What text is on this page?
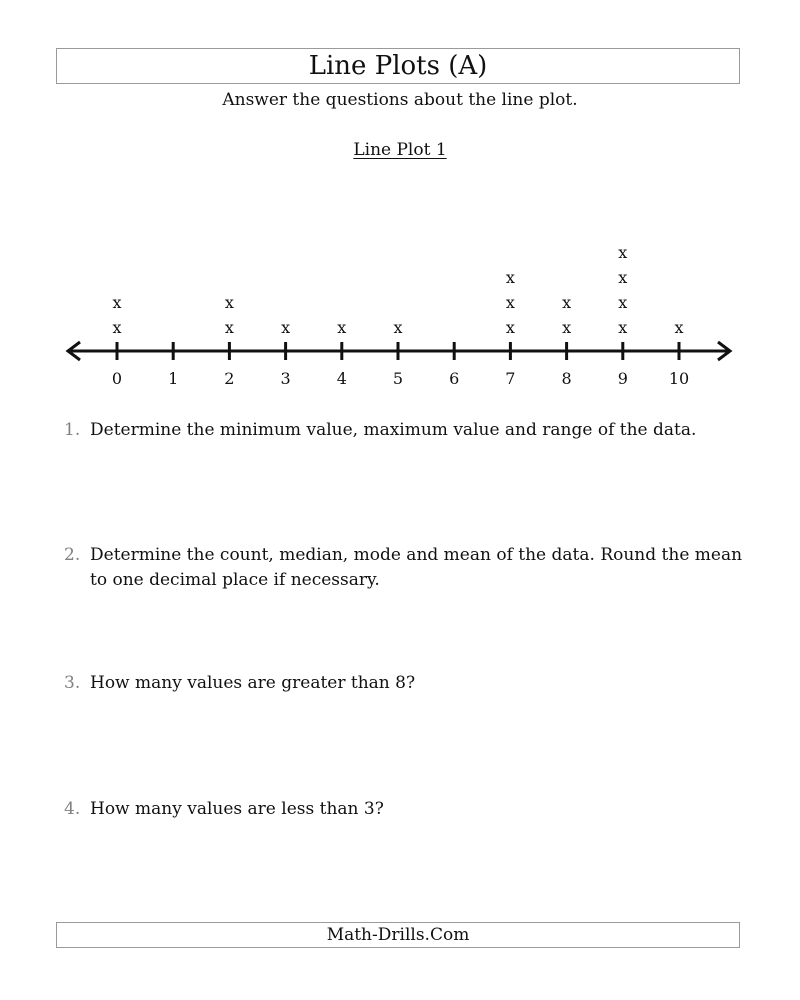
Line Plots (A)
Answer the questions about the line plot.
Line Plot 1
x
x
x
x
x	x	x	x
x
x
x
x
x
x
x
x
x
0	1	2	3	4	5	6	7	8	9	10
1. Determine the minimum value, maximum value and range of the data.
2. Determine the count, median, mode and mean of the data. Round the mean to one decimal place if necessary.
3. How many values are greater than 8?
4. How many values are less than 3?
Math-Drills.Com
